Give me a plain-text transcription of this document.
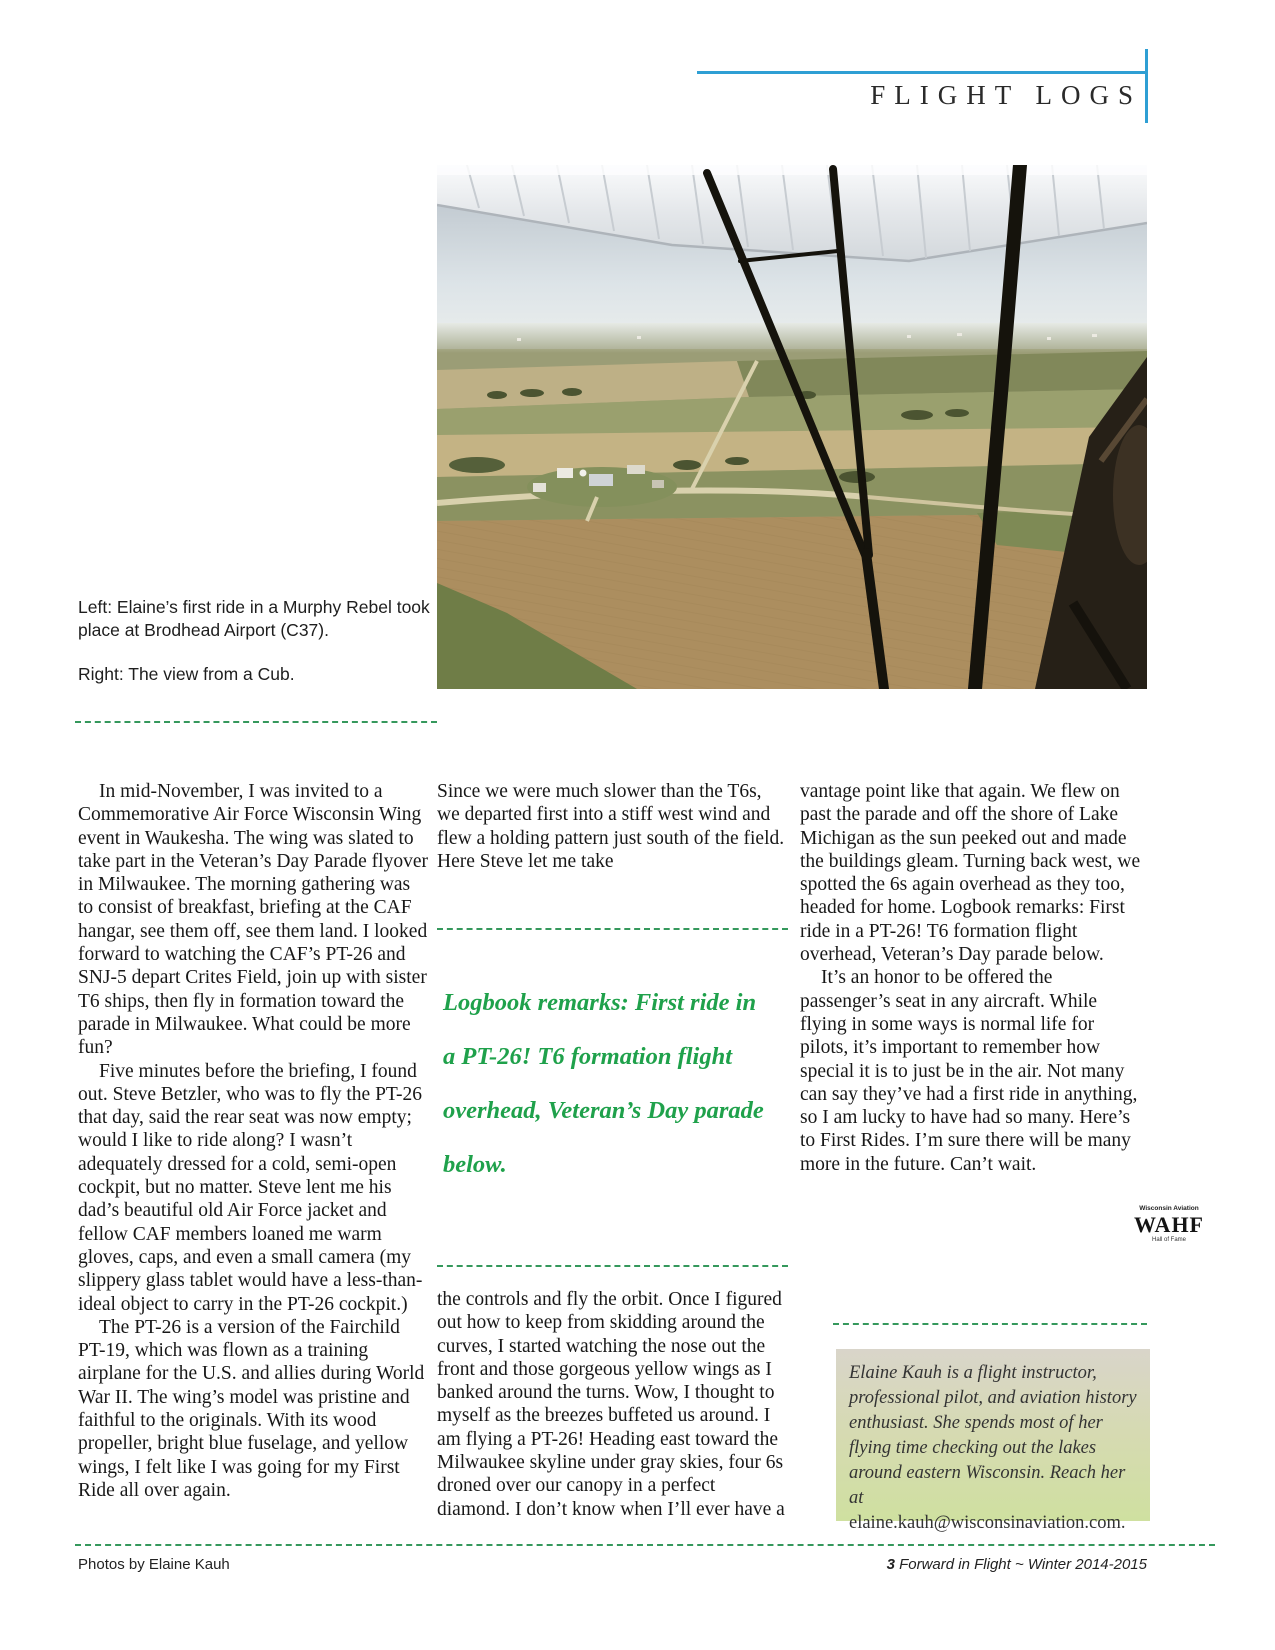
FLIGHT LOGS

Left: Elaine’s first ride in a Murphy Rebel took place at Brodhead Airport (C37).

Right: The view from a Cub.

In mid-November, I was invited to a Commemorative Air Force Wisconsin Wing event in Waukesha. The wing was slated to take part in the Veteran’s Day Parade flyover in Milwaukee. The morning gathering was to consist of breakfast, briefing at the CAF hangar, see them off, see them land. I looked forward to watching the CAF’s PT-26 and SNJ-5 depart Crites Field, join up with sister T6 ships, then fly in formation toward the parade in Milwaukee. What could be more fun?

Five minutes before the briefing, I found out. Steve Betzler, who was to fly the PT-26 that day, said the rear seat was now empty; would I like to ride along? I wasn’t adequately dressed for a cold, semi-open cockpit, but no matter. Steve lent me his dad’s beautiful old Air Force jacket and fellow CAF members loaned me warm gloves, caps, and even a small camera (my slippery glass tablet would have a less-than-ideal object to carry in the PT-26 cockpit.)

The PT-26 is a version of the Fairchild PT-19, which was flown as a training airplane for the U.S. and allies during World War II. The wing’s model was pristine and faithful to the originals. With its wood propeller, bright blue fuselage, and yellow wings, I felt like I was going for my First Ride all over again.

Since we were much slower than the T6s, we departed first into a stiff west wind and flew a holding pattern just south of the field. Here Steve let me take

Logbook remarks: First ride in a PT-26! T6 formation flight overhead, Veteran’s Day parade below.

the controls and fly the orbit. Once I figured out how to keep from skidding around the curves, I started watching the nose out the front and those gorgeous yellow wings as I banked around the turns. Wow, I thought to myself as the breezes buffeted us around. I am flying a PT-26! Heading east toward the Milwaukee skyline under gray skies, four 6s droned over our canopy in a perfect diamond. I don’t know when I’ll ever have a

vantage point like that again. We flew on past the parade and off the shore of Lake Michigan as the sun peeked out and made the buildings gleam. Turning back west, we spotted the 6s again overhead as they too, headed for home. Logbook remarks: First ride in a PT-26! T6 formation flight overhead, Veteran’s Day parade below.

It’s an honor to be offered the passenger’s seat in any aircraft. While flying in some ways is normal life for pilots, it’s important to remember how special it is to just be in the air. Not many can say they’ve had a first ride in anything, so I am lucky to have had so many. Here’s to First Rides. I’m sure there will be many more in the future. Can’t wait.

Wisconsin Aviation
WAHF
Hall of Fame
Elaine Kauh is a flight instructor, professional pilot, and aviation history enthusiast. She spends most of her flying time checking out the lakes around eastern Wisconsin. Reach her at
elaine.kauh@wisconsinaviation.com.
Photos by Elaine Kauh	3 Forward in Flight ~ Winter 2014-2015
